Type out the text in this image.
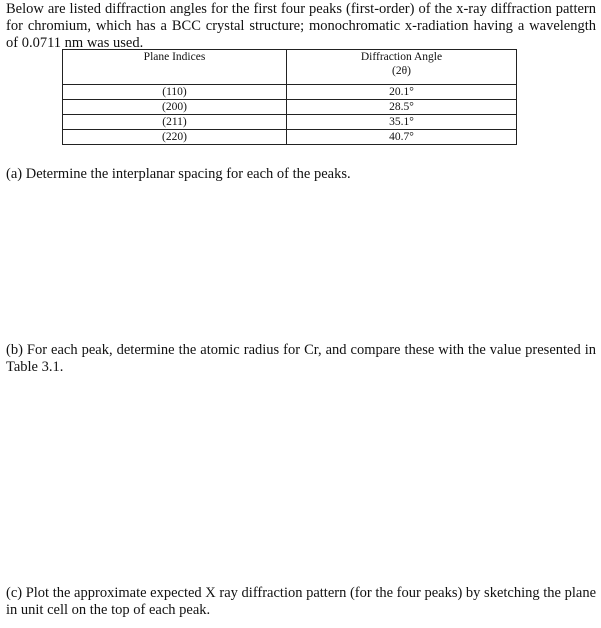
Below are listed diffraction angles for the first four peaks (first-order) of the x-ray diffraction pattern for chromium, which has a BCC crystal structure; monochromatic x-radiation having a wavelength of 0.0711 nm was used.
Plane Indices	Diffraction Angle
(2θ)
(110)	20.1°
(200)	28.5°
(211)	35.1°
(220)	40.7°
(a) Determine the interplanar spacing for each of the peaks.
(b) For each peak, determine the atomic radius for Cr, and compare these with the value presented in Table 3.1.
(c) Plot the approximate expected X ray diffraction pattern (for the four peaks) by sketching the plane in unit cell on the top of each peak.
